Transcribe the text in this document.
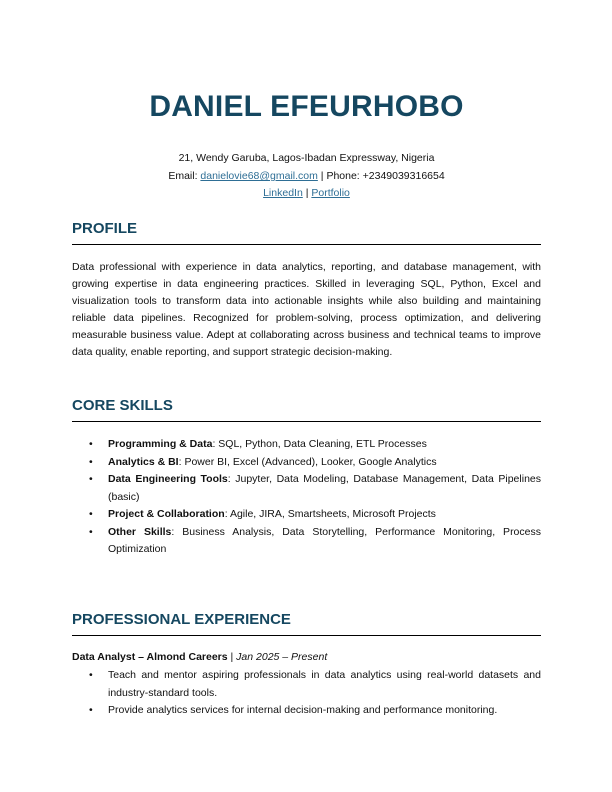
DANIEL EFEURHOBO
21, Wendy Garuba, Lagos-Ibadan Expressway, Nigeria
Email: danielovie68@gmail.com | Phone: +2349039316654
LinkedIn | Portfolio
PROFILE
Data professional with experience in data analytics, reporting, and database management, with growing expertise in data engineering practices. Skilled in leveraging SQL, Python, Excel and visualization tools to transform data into actionable insights while also building and maintaining reliable data pipelines. Recognized for problem-solving, process optimization, and delivering measurable business value. Adept at collaborating across business and technical teams to improve data quality, enable reporting, and support strategic decision-making.
CORE SKILLS
• Programming & Data: SQL, Python, Data Cleaning, ETL Processes
• Analytics & BI: Power BI, Excel (Advanced), Looker, Google Analytics
• Data Engineering Tools: Jupyter, Data Modeling, Database Management, Data Pipelines (basic)
• Project & Collaboration: Agile, JIRA, Smartsheets, Microsoft Projects
• Other Skills: Business Analysis, Data Storytelling, Performance Monitoring, Process Optimization
PROFESSIONAL EXPERIENCE
Data Analyst – Almond Careers | Jan 2025 – Present
• Teach and mentor aspiring professionals in data analytics using real-world datasets and industry-standard tools.
• Provide analytics services for internal decision-making and performance monitoring.
